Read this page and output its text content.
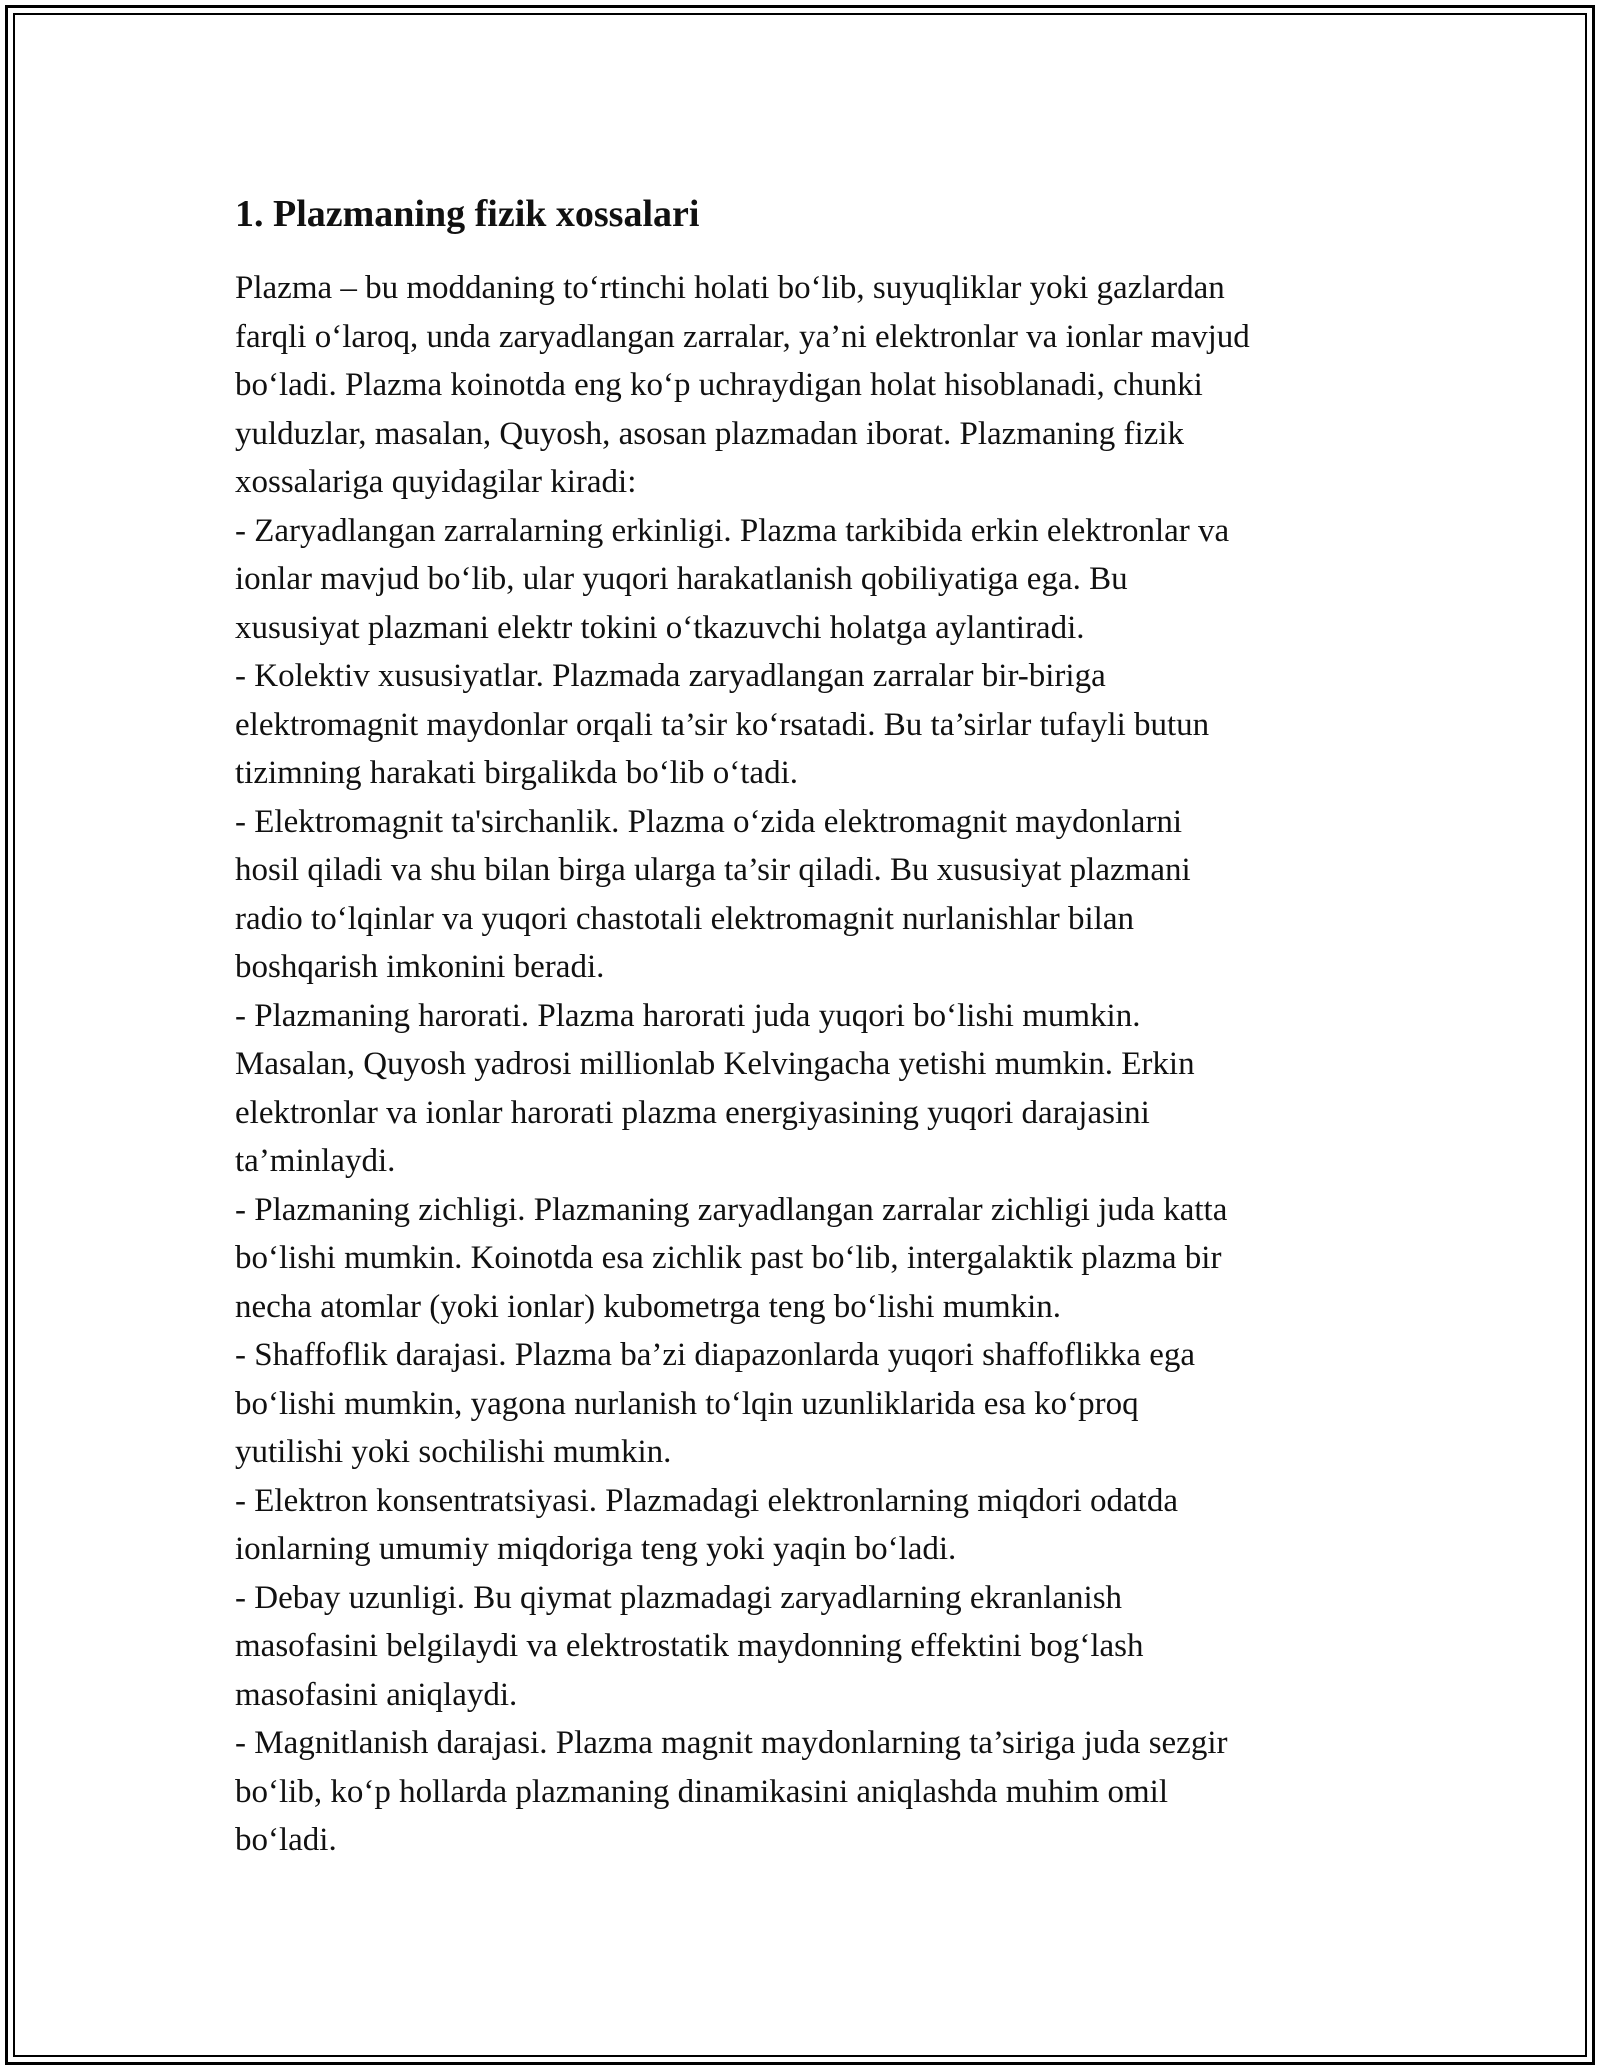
1. Plazmaning fizik xossalari

Plazma – bu moddaning to‘rtinchi holati bo‘lib, suyuqliklar yoki gazlardan
farqli o‘laroq, unda zaryadlangan zarralar, ya’ni elektronlar va ionlar mavjud
bo‘ladi. Plazma koinotda eng ko‘p uchraydigan holat hisoblanadi, chunki
yulduzlar, masalan, Quyosh, asosan plazmadan iborat. Plazmaning fizik
xossalariga quyidagilar kiradi:
- Zaryadlangan zarralarning erkinligi. Plazma tarkibida erkin elektronlar va
ionlar mavjud bo‘lib, ular yuqori harakatlanish qobiliyatiga ega. Bu
xususiyat plazmani elektr tokini o‘tkazuvchi holatga aylantiradi.
- Kolektiv xususiyatlar. Plazmada zaryadlangan zarralar bir-biriga
elektromagnit maydonlar orqali ta’sir ko‘rsatadi. Bu ta’sirlar tufayli butun
tizimning harakati birgalikda bo‘lib o‘tadi.
- Elektromagnit ta'sirchanlik. Plazma o‘zida elektromagnit maydonlarni
hosil qiladi va shu bilan birga ularga ta’sir qiladi. Bu xususiyat plazmani
radio to‘lqinlar va yuqori chastotali elektromagnit nurlanishlar bilan
boshqarish imkonini beradi.
- Plazmaning harorati. Plazma harorati juda yuqori bo‘lishi mumkin.
Masalan, Quyosh yadrosi millionlab Kelvingacha yetishi mumkin. Erkin
elektronlar va ionlar harorati plazma energiyasining yuqori darajasini
ta’minlaydi.
- Plazmaning zichligi. Plazmaning zaryadlangan zarralar zichligi juda katta
bo‘lishi mumkin. Koinotda esa zichlik past bo‘lib, intergalaktik plazma bir
necha atomlar (yoki ionlar) kubometrga teng bo‘lishi mumkin.
- Shaffoflik darajasi. Plazma ba’zi diapazonlarda yuqori shaffoflikka ega
bo‘lishi mumkin, yagona nurlanish to‘lqin uzunliklarida esa ko‘proq
yutilishi yoki sochilishi mumkin.
- Elektron konsentratsiyasi. Plazmadagi elektronlarning miqdori odatda
ionlarning umumiy miqdoriga teng yoki yaqin bo‘ladi.
- Debay uzunligi. Bu qiymat plazmadagi zaryadlarning ekranlanish
masofasini belgilaydi va elektrostatik maydonning effektini bog‘lash
masofasini aniqlaydi.
- Magnitlanish darajasi. Plazma magnit maydonlarning ta’siriga juda sezgir
bo‘lib, ko‘p hollarda plazmaning dinamikasini aniqlashda muhim omil
bo‘ladi.
